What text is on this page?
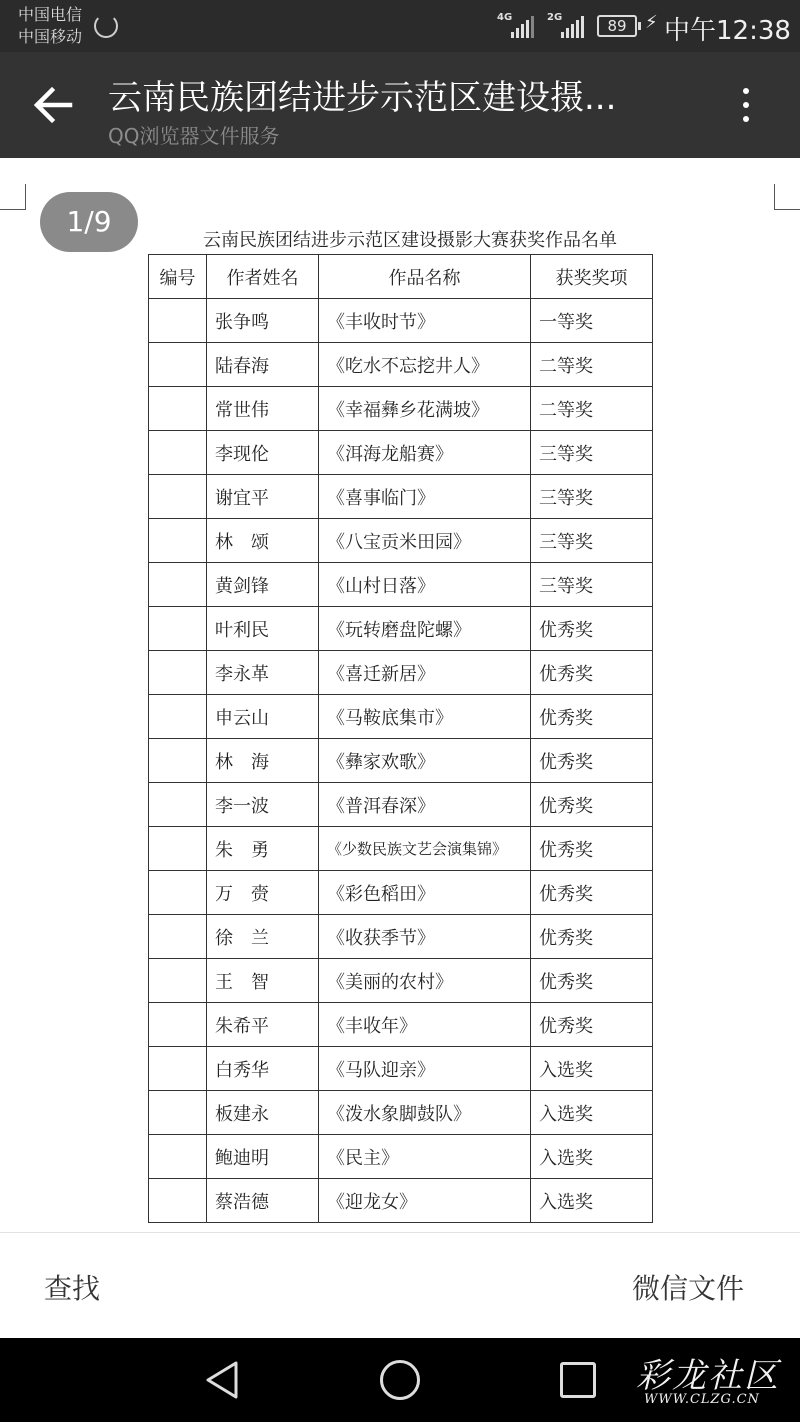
中国电信
中国移动
4G	2G	89	⚡ 中午12:38
云南民族团结进步示范区建设摄...
QQ浏览器文件服务
1/9
云南民族团结进步示范区建设摄影大赛获奖作品名单
编号	作者姓名	作品名称	获奖奖项
	张争鸣	《丰收时节》	一等奖
	陆春海	《吃水不忘挖井人》	二等奖
	常世伟	《幸福彝乡花满坡》	二等奖
	李现伦	《洱海龙船赛》	三等奖
	谢宜平	《喜事临门》	三等奖
	林　颂	《八宝贡米田园》	三等奖
	黄剑锋	《山村日落》	三等奖
	叶利民	《玩转磨盘陀螺》	优秀奖
	李永革	《喜迁新居》	优秀奖
	申云山	《马鞍底集市》	优秀奖
	林　海	《彝家欢歌》	优秀奖
	李一波	《普洱春深》	优秀奖
	朱　勇	《少数民族文艺会演集锦》	优秀奖
	万　赍	《彩色稻田》	优秀奖
	徐　兰	《收获季节》	优秀奖
	王　智	《美丽的农村》	优秀奖
	朱希平	《丰收年》	优秀奖
	白秀华	《马队迎亲》	入选奖
	板建永	《泼水象脚鼓队》	入选奖
	鲍迪明	《民主》	入选奖
	蔡浩德	《迎龙女》	入选奖
查找	微信文件
彩龙社区
WWW.CLZG.CN
